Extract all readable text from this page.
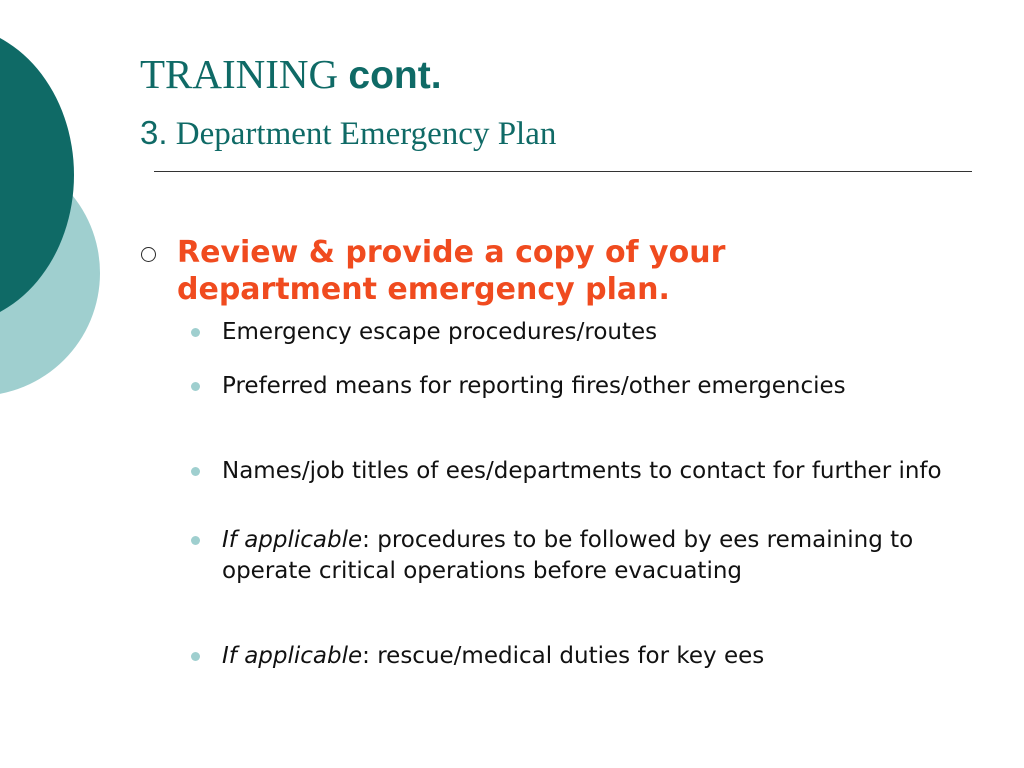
TRAINING cont.
3. Department Emergency Plan
Review & provide a copy of your department emergency plan.
Emergency escape procedures/routes
Preferred means for reporting fires/other emergencies
Names/job titles of ees/departments to contact for further info
If applicable: procedures to be followed by ees remaining to operate critical operations before evacuating
If applicable: rescue/medical duties for key ees
